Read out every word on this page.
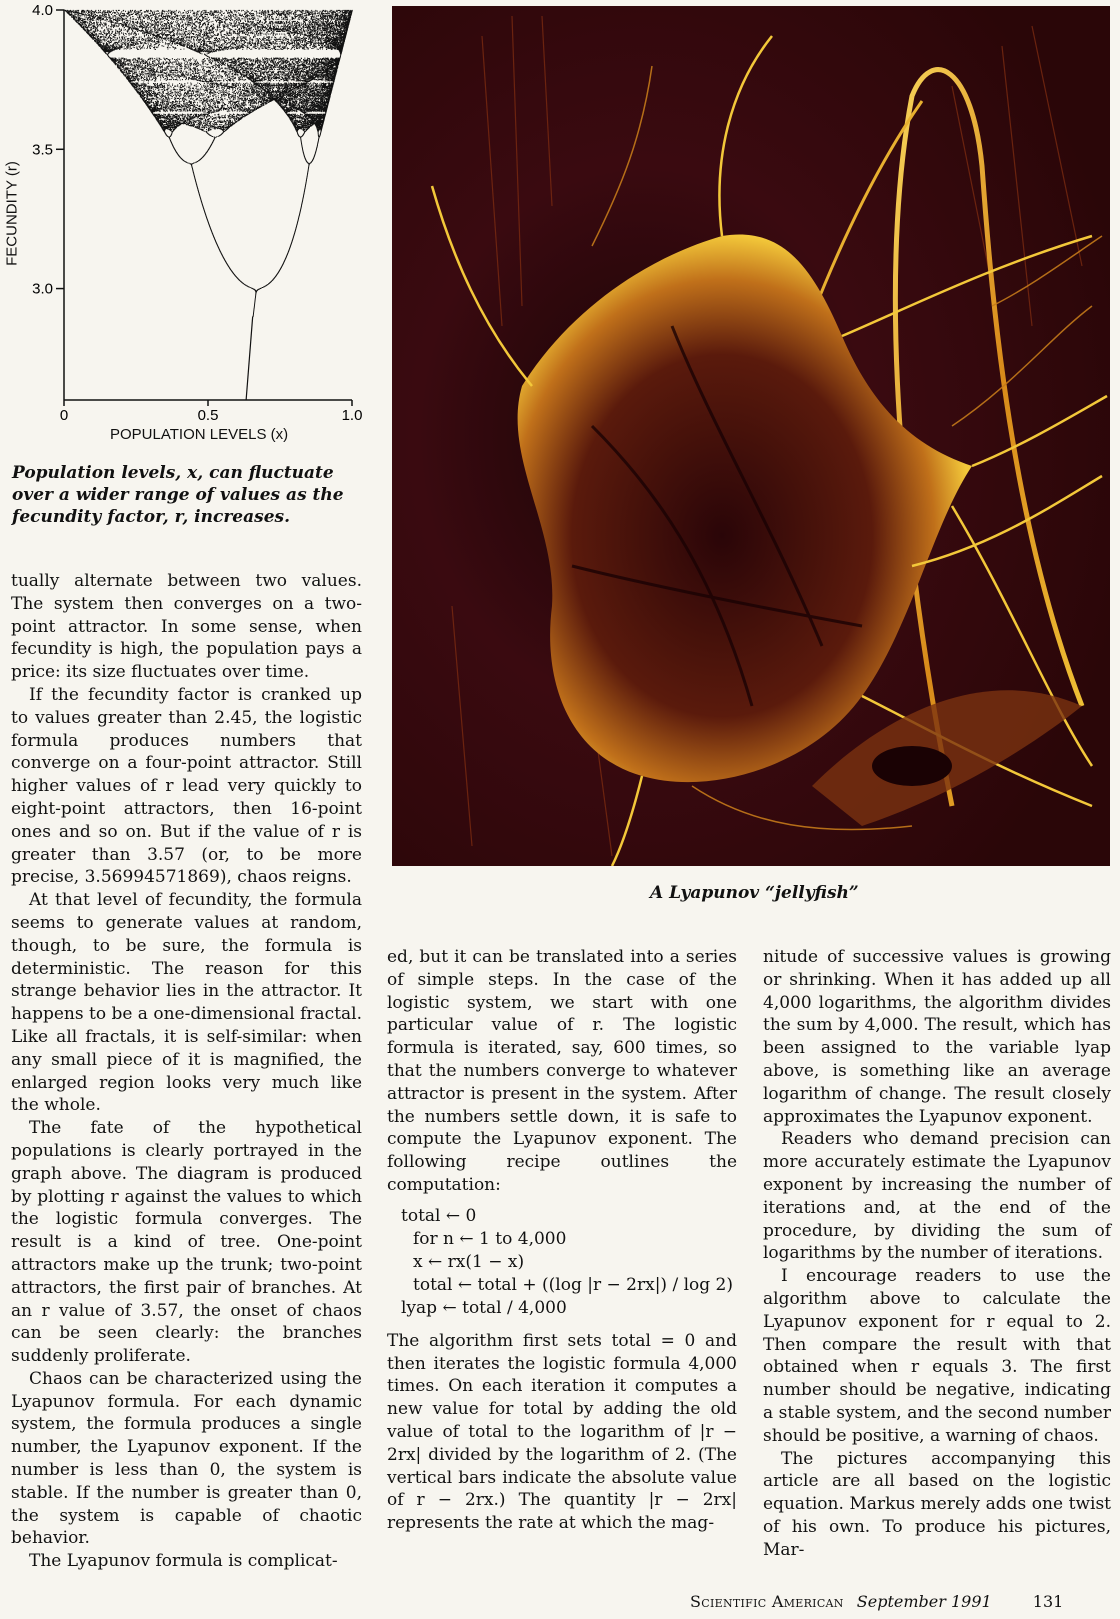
3.0
3.5
4.0
0	0.5	1.0
FECUNDITY (r)
POPULATION LEVELS (x)
Population levels, x, can fluctuate over a wider range of values as the fecundity factor, r, increases.
A Lyapunov “jellyfish”

tually alternate between two values. The system then converges on a two-point attractor. In some sense, when fecundity is high, the population pays a price: its size fluctuates over time.

If the fecundity factor is cranked up to values greater than 2.45, the logistic formula produces numbers that converge on a four-point attractor. Still higher values of r lead very quickly to eight-point attractors, then 16-point ones and so on. But if the value of r is greater than 3.57 (or, to be more precise, 3.56994571869), chaos reigns.

At that level of fecundity, the formula seems to generate values at random, though, to be sure, the formula is deterministic. The reason for this strange behavior lies in the attractor. It happens to be a one-dimensional fractal. Like all fractals, it is self-similar: when any small piece of it is magnified, the enlarged region looks very much like the whole.

The fate of the hypothetical populations is clearly portrayed in the graph above. The diagram is produced by plotting r against the values to which the logistic formula converges. The result is a kind of tree. One-point attractors make up the trunk; two-point attractors, the first pair of branches. At an r value of 3.57, the onset of chaos can be seen clearly: the branches suddenly proliferate.

Chaos can be characterized using the Lyapunov formula. For each dynamic system, the formula produces a single number, the Lyapunov exponent. If the number is less than 0, the system is stable. If the number is greater than 0, the system is capable of chaotic behavior.

The Lyapunov formula is complicat-

ed, but it can be translated into a series of simple steps. In the case of the logistic system, we start with one particular value of r. The logistic formula is iterated, say, 600 times, so that the numbers converge to whatever attractor is present in the system. After the numbers settle down, it is safe to compute the Lyapunov exponent. The following recipe outlines the computation:

total ← 0
for n ← 1 to 4,000
x ← rx(1 − x)
total ← total + ((log |r − 2rx|) / log 2)
lyap ← total / 4,000

The algorithm first sets total = 0 and then iterates the logistic formula 4,000 times. On each iteration it computes a new value for total by adding the old value of total to the logarithm of |r − 2rx| divided by the logarithm of 2. (The vertical bars indicate the absolute value of r − 2rx.) The quantity |r − 2rx| represents the rate at which the mag-

nitude of successive values is growing or shrinking. When it has added up all 4,000 logarithms, the algorithm divides the sum by 4,000. The result, which has been assigned to the variable lyap above, is something like an average logarithm of change. The result closely approximates the Lyapunov exponent.

Readers who demand precision can more accurately estimate the Lyapunov exponent by increasing the number of iterations and, at the end of the procedure, by dividing the sum of logarithms by the number of iterations.

I encourage readers to use the algorithm above to calculate the Lyapunov exponent for r equal to 2. Then compare the result with that obtained when r equals 3. The first number should be negative, indicating a stable system, and the second number should be positive, a warning of chaos.

The pictures accompanying this article are all based on the logistic equation. Markus merely adds one twist of his own. To produce his pictures, Mar-

Scientific American September 1991	131
